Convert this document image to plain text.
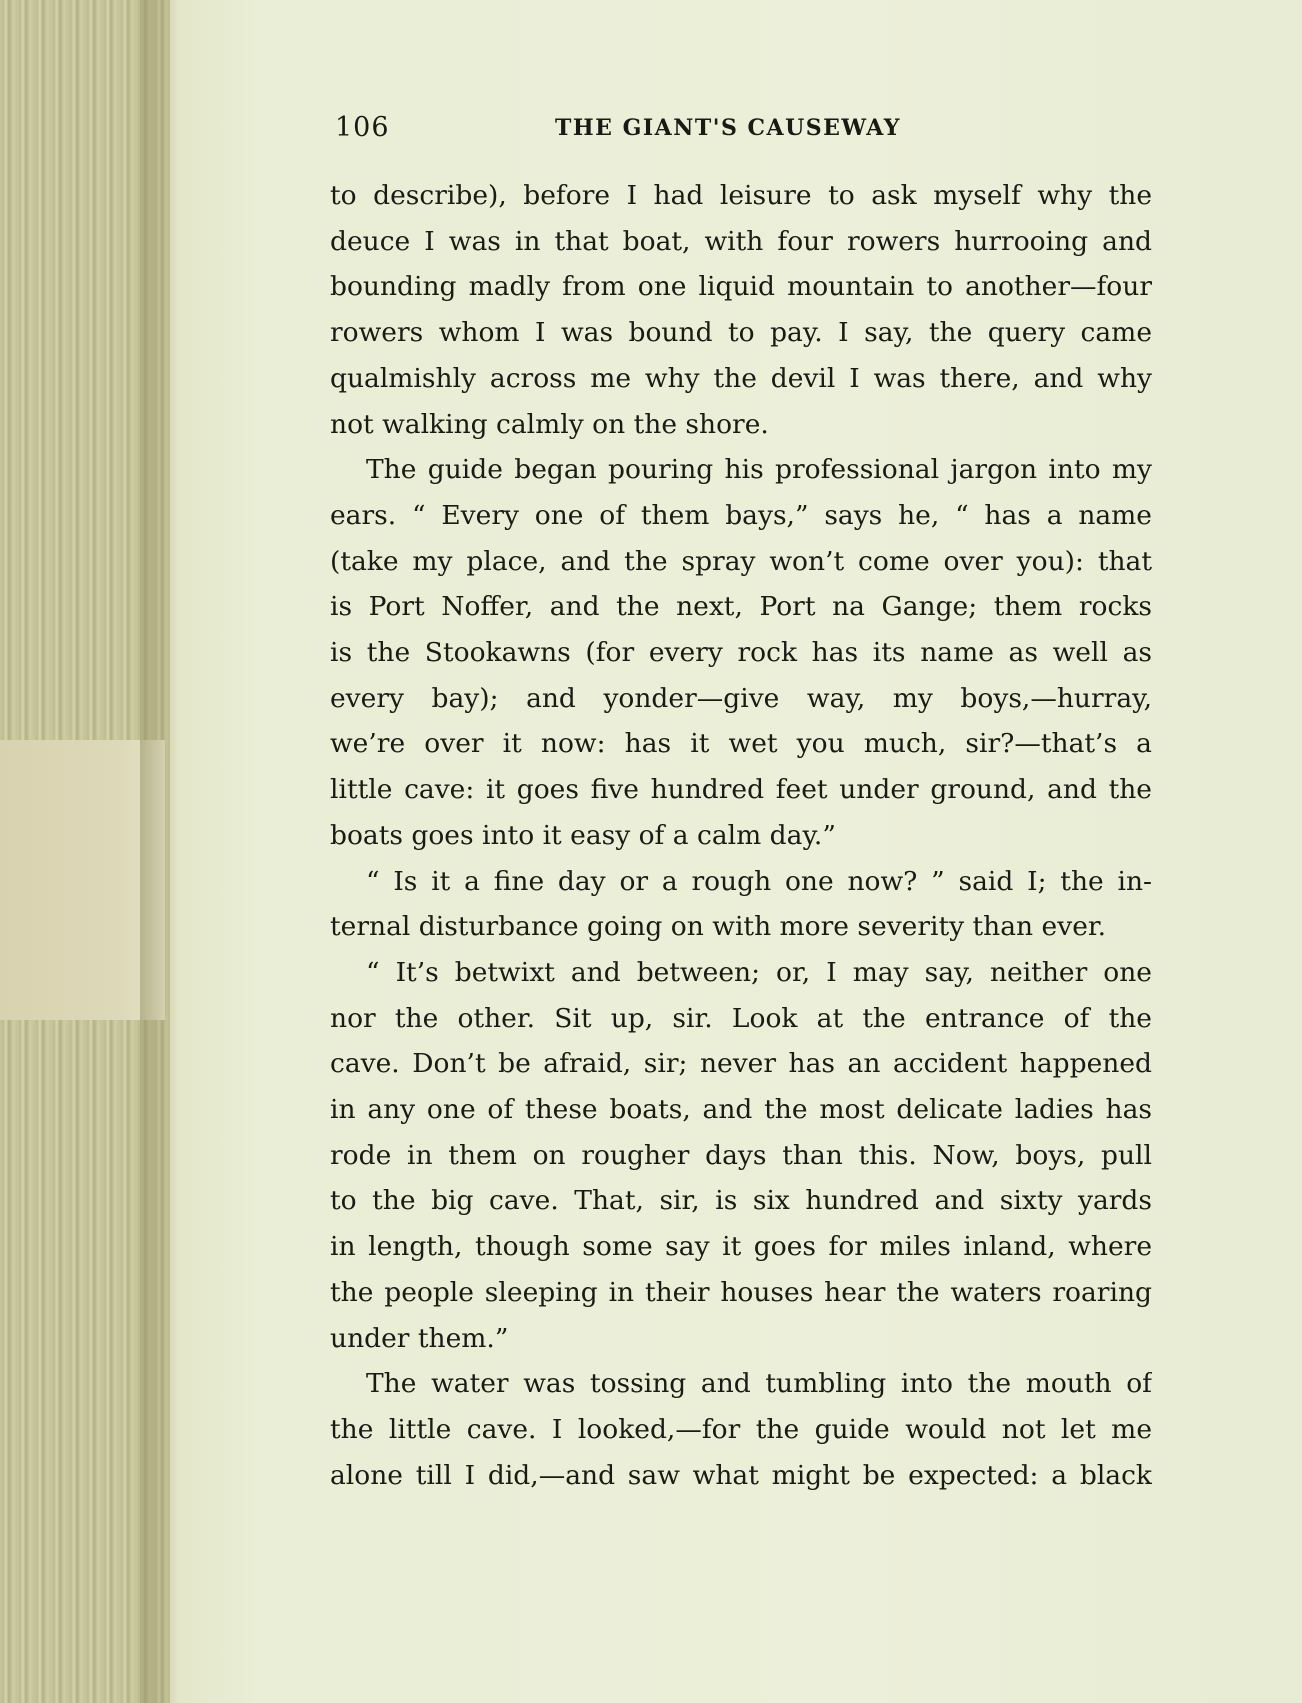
106	THE GIANT'S CAUSEWAY
to describe), before I had leisure to ask myself why the
deuce I was in that boat, with four rowers hurrooing and
bounding madly from one liquid mountain to another—four
rowers whom I was bound to pay. I say, the query came
qualmishly across me why the devil I was there, and why
not walking calmly on the shore.
The guide began pouring his professional jargon into my
ears. “ Every one of them bays,” says he, “ has a name
(take my place, and the spray won’t come over you): that
is Port Noffer, and the next, Port na Gange; them rocks
is the Stookawns (for every rock has its name as well as
every bay); and yonder—give way, my boys,—hurray,
we’re over it now: has it wet you much, sir?—that’s a
little cave: it goes five hundred feet under ground, and the
boats goes into it easy of a calm day.”
“ Is it a fine day or a rough one now? ” said I; the in-
ternal disturbance going on with more severity than ever.
“ It’s betwixt and between; or, I may say, neither one
nor the other. Sit up, sir. Look at the entrance of the
cave. Don’t be afraid, sir; never has an accident happened
in any one of these boats, and the most delicate ladies has
rode in them on rougher days than this. Now, boys, pull
to the big cave. That, sir, is six hundred and sixty yards
in length, though some say it goes for miles inland, where
the people sleeping in their houses hear the waters roaring
under them.”
The water was tossing and tumbling into the mouth of
the little cave. I looked,—for the guide would not let me
alone till I did,—and saw what might be expected: a black
